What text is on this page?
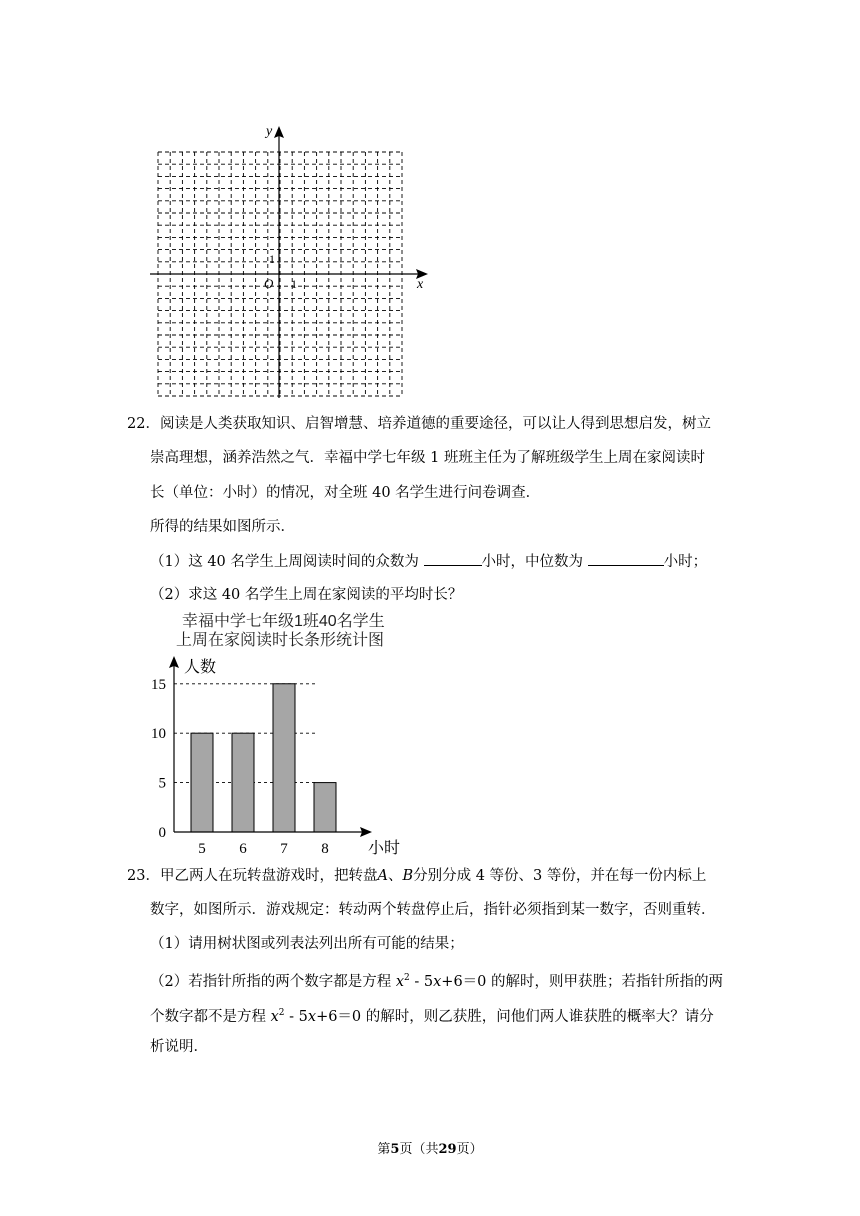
y
x
O
1
1
22．阅读是人类获取知识、启智增慧、培养道德的重要途径，可以让人得到思想启发，树立
崇高理想，涵养浩然之气．幸福中学七年级 1 班班主任为了解班级学生上周在家阅读时
长（单位：小时）的情况，对全班 40 名学生进行问卷调查．
所得的结果如图所示．
（1）这 40 名学生上周阅读时间的众数为	小时，中位数为	小时；
（2）求这 40 名学生上周在家阅读的平均时长？
幸福中学七年级1班40名学生
上周在家阅读时长条形统计图
人数
小时
0
5
10
15
5 6 7 8
23．甲乙两人在玩转盘游戏时，把转盘A、B分别分成 4 等份、3 等份，并在每一份内标上
数字，如图所示．游戏规定：转动两个转盘停止后，指针必须指到某一数字，否则重转．
（1）请用树状图或列表法列出所有可能的结果；
（2）若指针所指的两个数字都是方程 $x^2 - 5x+6=0$ 的解时，则甲获胜；若指针所指的两
个数字都不是方程 $x^2 - 5x+6=0$ 的解时，则乙获胜，问他们两人谁获胜的概率大？请分
析说明．
第5页（共29页）
